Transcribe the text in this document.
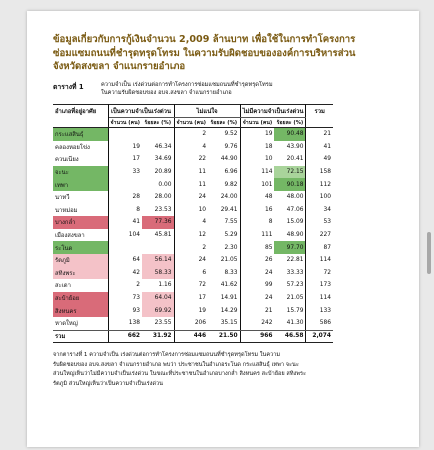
ข้อมูลเกี่ยวกับการกู้เงินจำนวน 2,009 ล้านบาท เพื่อใช้ในการทำโครงการ
ซ่อมแซมถนนที่ชำรุดทรุดโทรม ในความรับผิดชอบขององค์การบริหารส่วน
จังหวัดสงขลา จำแนกรายอำเภอ
ตารางที่ 1	ความจำเป็น เร่งด่วนต่อการทำโครงการซ่อมแซมถนนที่ชำรุดทรุดโทรม
ในความรับผิดชอบของ อบจ.สงขลา จำแนกรายอำเภอ
อำเภอที่อยู่อาศัย	เป็นความจำเป็นเร่งด่วน		ไม่แน่ใจ		ไม่มีความจำเป็นเร่งด่วน		รวม
	จำนวน (คน)	ร้อยละ (%)	จำนวน (คน)	ร้อยละ (%)	จำนวน (คน)	ร้อยละ (%)	
กระแสสินธุ์			2	9.52	19	90.48	21
คลองหอยโข่ง	19	46.34	4	9.76	18	43.90	41
ควนเนียง	17	34.69	22	44.90	10	20.41	49
จะนะ	33	20.89	11	6.96	114	72.15	158
เทพา		0.00	11	9.82	101	90.18	112
นาทวี	28	28.00	24	24.00	48	48.00	100
นาหม่อม	8	23.53	10	29.41	16	47.06	34
บางกล่ำ	41	77.36	4	7.55	8	15.09	53
เมืองสงขลา	104	45.81	12	5.29	111	48.90	227
ระโนด			2	2.30	85	97.70	87
รัตภูมิ	64	56.14	24	21.05	26	22.81	114
สทิงพระ	42	58.33	6	8.33	24	33.33	72
สะเดา	2	1.16	72	41.62	99	57.23	173
สะบ้าย้อย	73	64.04	17	14.91	24	21.05	114
สิงหนคร	93	69.92	19	14.29	21	15.79	133
หาดใหญ่	138	23.55	206	35.15	242	41.30	586
รวม	662	31.92	446	21.50	966	46.58	2,074
จากตารางที่ 1 ความจำเป็น เร่งด่วนต่อการทำโครงการซ่อมแซมถนนที่ชำรุดทรุดโทรม ในความ
รับผิดชอบของ อบจ.สงขลา จำแนกรายอำเภอ พบว่า ประชาชนในอำเภอระโนด กระแสสินธุ์ เทพา จะนะ
ส่วนใหญ่เห็นว่าไม่มีความจำเป็นเร่งด่วน ในขณะที่ประชาชนในอำเภอบางกล่ำ สิงหนคร สะบ้าย้อย สทิงพระ
รัตภูมิ ส่วนใหญ่เห็นว่าเป็นความจำเป็นเร่งด่วน
